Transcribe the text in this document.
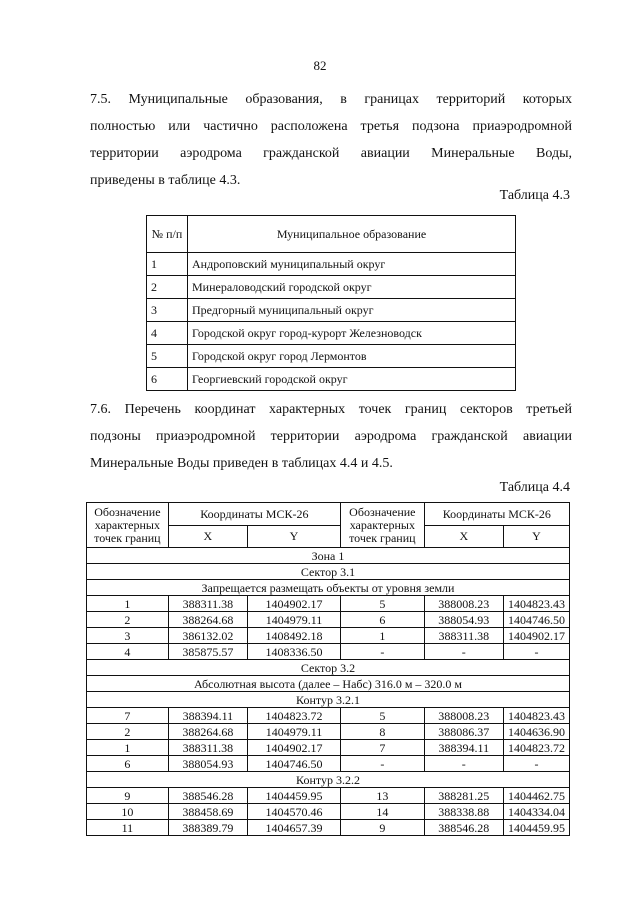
82
7.5. Муниципальные образования, в границах территорий которых
полностью или частично расположена третья подзона приаэродромной
территории аэродрома гражданской авиации Минеральные Воды,
приведены в таблице 4.3.
Таблица 4.3
№ п/п	Муниципальное образование
1	Андроповский муниципальный округ
2	Минераловодский городской округ
3	Предгорный муниципальный округ
4	Городской округ город-курорт Железноводск
5	Городской округ город Лермонтов
6	Георгиевский городской округ
7.6. Перечень координат характерных точек границ секторов третьей
подзоны приаэродромной территории аэродрома гражданской авиации
Минеральные Воды приведен в таблицах 4.4 и 4.5.
Таблица 4.4
Обозначение характерных точек границ	Координаты МСК-26		Обозначение характерных точек границ	Координаты МСК-26	
	X	Y		X	Y
Зона 1					
Сектор 3.1					
Запрещается размещать объекты от уровня земли					
1	388311.38	1404902.17	5	388008.23	1404823.43
2	388264.68	1404979.11	6	388054.93	1404746.50
3	386132.02	1408492.18	1	388311.38	1404902.17
4	385875.57	1408336.50	-	-	-
Сектор 3.2					
Абсолютная высота (далее – Набс) 316.0 м – 320.0 м					
Контур 3.2.1					
7	388394.11	1404823.72	5	388008.23	1404823.43
2	388264.68	1404979.11	8	388086.37	1404636.90
1	388311.38	1404902.17	7	388394.11	1404823.72
6	388054.93	1404746.50	-	-	-
Контур 3.2.2					
9	388546.28	1404459.95	13	388281.25	1404462.75
10	388458.69	1404570.46	14	388338.88	1404334.04
11	388389.79	1404657.39	9	388546.28	1404459.95
